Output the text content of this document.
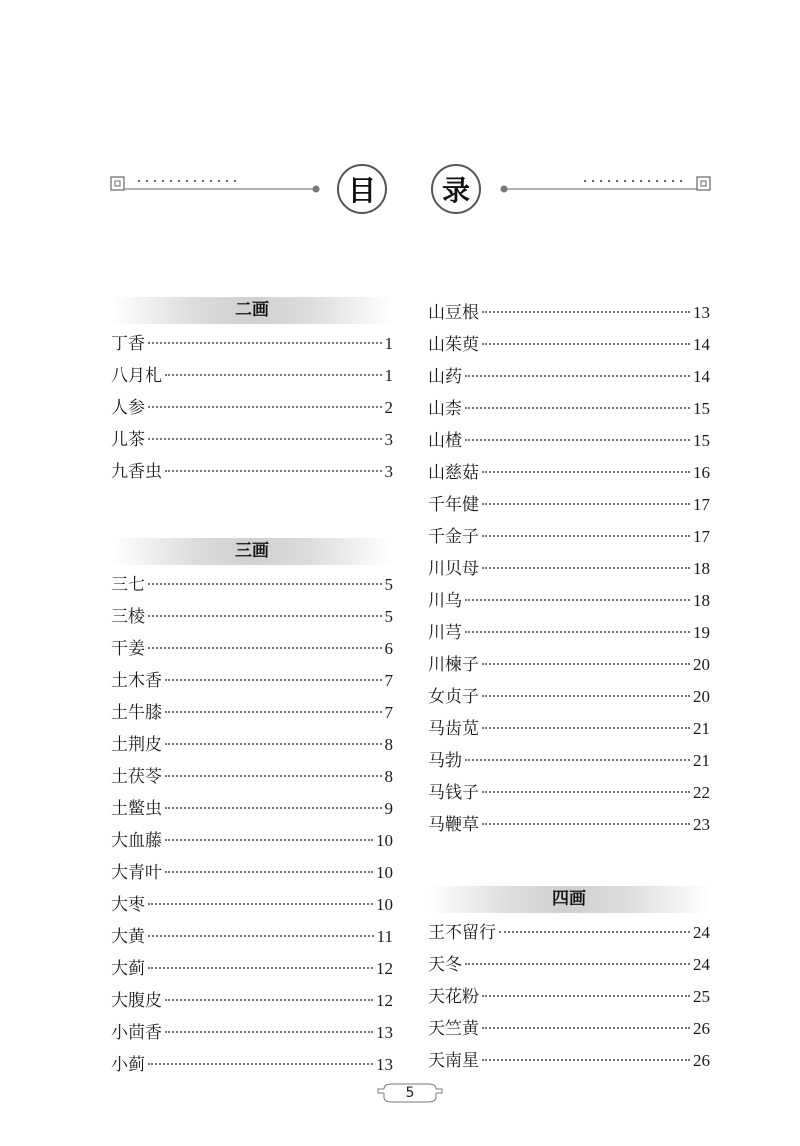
目	录
二画
丁香	1
八月札	1
人参	2
儿茶	3
九香虫	3
三画
三七	5
三棱	5
干姜	6
土木香	7
土牛膝	7
土荆皮	8
土茯苓	8
土鳖虫	9
大血藤	10
大青叶	10
大枣	10
大黄	11
大蓟	12
大腹皮	12
小茴香	13
小蓟	13
山豆根	13
山茱萸	14
山药	14
山柰	15
山楂	15
山慈菇	16
千年健	17
千金子	17
川贝母	18
川乌	18
川芎	19
川楝子	20
女贞子	20
马齿苋	21
马勃	21
马钱子	22
马鞭草	23
四画
王不留行	24
天冬	24
天花粉	25
天竺黄	26
天南星	26
5
